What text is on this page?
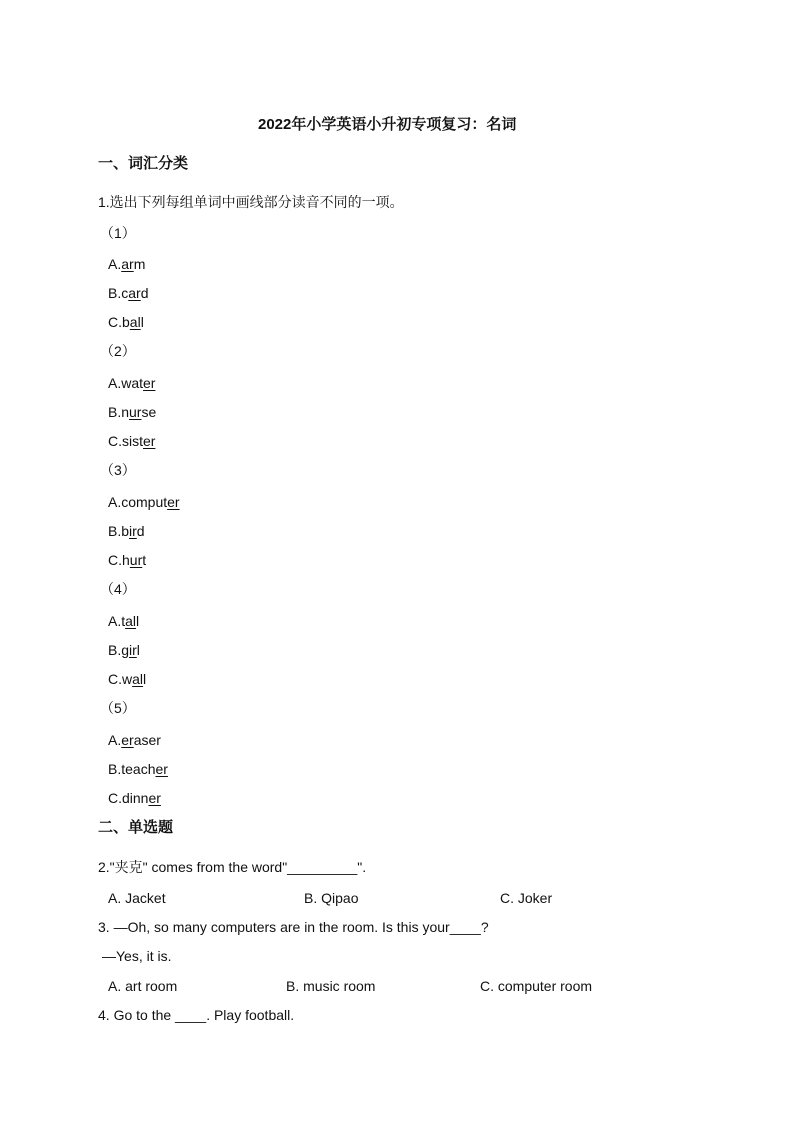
2022年小学英语小升初专项复习：名词
一、词汇分类
1.选出下列每组单词中画线部分读音不同的一项。
（1）
A.arm
B.card
C.ball
（2）
A.water
B.nurse
C.sister
（3）
A.computer
B.bird
C.hurt
（4）
A.tall
B.girl
C.wall
（5）
A.eraser
B.teacher
C.dinner
二、单选题
2."夹克" comes from the word"_________".
A. Jacket	B. Qipao	C. Joker
3. —Oh, so many computers are in the room. Is this your____?
—Yes, it is.
A. art room	B. music room	C. computer room
4. Go to the ____. Play football.
